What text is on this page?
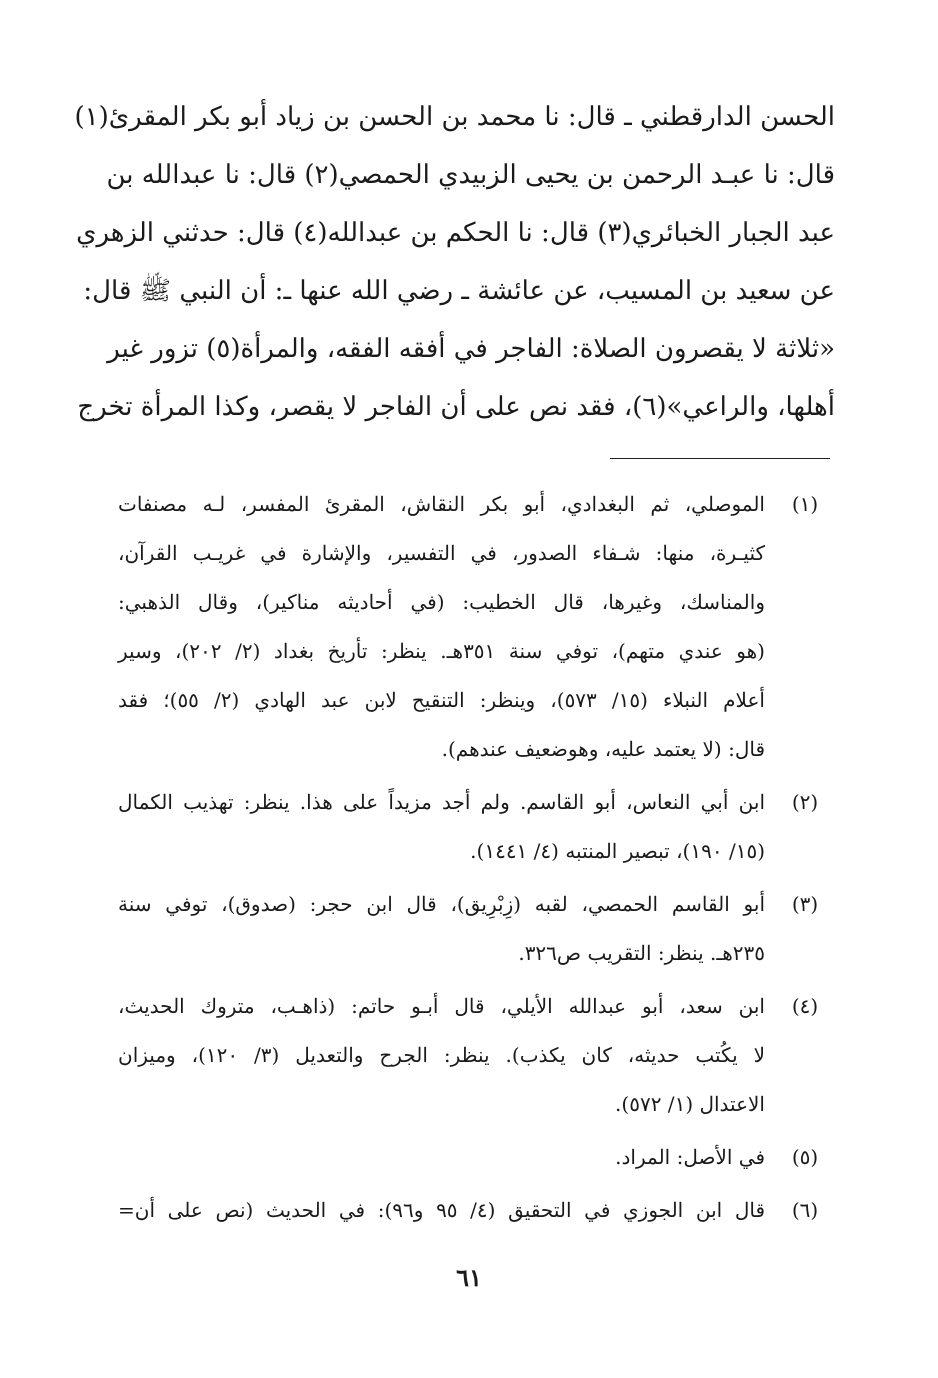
الحسن الدارقطني ـ قال: نا محمد بن الحسن بن زياد أبو بكر المقرئ(١)
قال: نا عبـد الرحمن بن يحيى الزبيدي الحمصي(٢) قال: نا عبدالله بن
عبد الجبار الخبائري(٣) قال: نا الحكم بن عبدالله(٤) قال: حدثني الزهري
عن سعيد بن المسيب، عن عائشة ـ رضي الله عنها ـ: أن النبي ﷺ قال:
«ثلاثة لا يقصرون الصلاة: الفاجر في أفقه الفقه، والمرأة(٥) تزور غير
أهلها، والراعي»(٦)، فقد نص على أن الفاجر لا يقصر، وكذا المرأة تخرج
(١)
الموصلي، ثم البغدادي، أبو بكر النقاش، المقرئ المفسر، لـه مصنفات
كثيـرة، منها: شـفاء الصدور، في التفسير، والإشارة في غريـب القرآن،
والمناسك، وغيرها، قال الخطيب: (في أحاديثه مناكير)، وقال الذهبي:
(هو عندي متهم)، توفي سنة ٣٥١هـ. ينظر: تأريخ بغداد (٢/ ٢٠٢)، وسير
أعلام النبلاء (١٥/ ٥٧٣)، وينظر: التنقيح لابن عبد الهادي (٢/ ٥٥)؛ فقد
قال: (لا يعتمد عليه، وهوضعيف عندهم).
(٢)
ابن أبي النعاس، أبو القاسم. ولم أجد مزيداً على هذا. ينظر: تهذيب الكمال
(١٥/ ١٩٠)، تبصير المنتبه (٤/ ١٤٤١).
(٣)
أبو القاسم الحمصي، لقبه (زِبْرِيق)، قال ابن حجر: (صدوق)، توفي سنة
٢٣٥هـ. ينظر: التقريب ص٣٢٦.
(٤)
ابن سعد، أبو عبدالله الأيلي، قال أبـو حاتم: (ذاهـب، متروك الحديث،
لا يكُتب حديثه، كان يكذب). ينظر: الجرح والتعديل (٣/ ١٢٠)، وميزان
الاعتدال (١/ ٥٧٢).
(٥)
في الأصل: المراد.
(٦)
قال ابن الجوزي في التحقيق (٤/ ٩٥ و٩٦): في الحديث (نص على أن=
٦١
